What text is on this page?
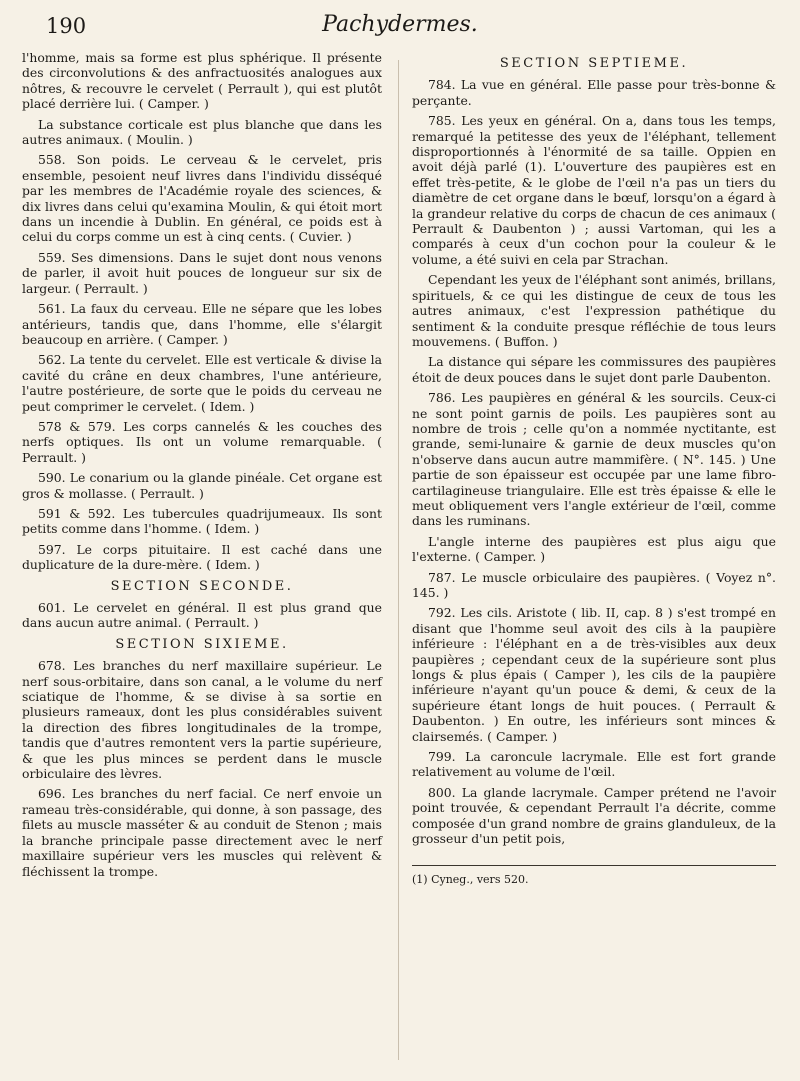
190	Pachydermes.

l'homme, mais sa forme est plus sphérique. Il présente des circonvolutions & des anfractuosités analogues aux nôtres, & recouvre le cervelet ( Perrault ), qui est plutôt placé derrière lui. ( Camper. )

La substance corticale est plus blanche que dans les autres animaux. ( Moulin. )

558. Son poids. Le cerveau & le cervelet, pris ensemble, pesoient neuf livres dans l'individu disséqué par les membres de l'Académie royale des sciences, & dix livres dans celui qu'examina Moulin, & qui étoit mort dans un incendie à Dublin. En général, ce poids est à celui du corps comme un est à cinq cents. ( Cuvier. )

559. Ses dimensions. Dans le sujet dont nous venons de parler, il avoit huit pouces de longueur sur six de largeur. ( Perrault. )

561. La faux du cerveau. Elle ne sépare que les lobes antérieurs, tandis que, dans l'homme, elle s'élargit beaucoup en arrière. ( Camper. )

562. La tente du cervelet. Elle est verticale & divise la cavité du crâne en deux chambres, l'une antérieure, l'autre postérieure, de sorte que le poids du cerveau ne peut comprimer le cervelet. ( Idem. )

578 & 579. Les corps cannelés & les couches des nerfs optiques. Ils ont un volume remarquable. ( Perrault. )

590. Le conarium ou la glande pinéale. Cet organe est gros & mollasse. ( Perrault. )

591 & 592. Les tubercules quadrijumeaux. Ils sont petits comme dans l'homme. ( Idem. )

597. Le corps pituitaire. Il est caché dans une duplicature de la dure-mère. ( Idem. )

SECTION SECONDE.

601. Le cervelet en général. Il est plus grand que dans aucun autre animal. ( Perrault. )

SECTION SIXIEME.

678. Les branches du nerf maxillaire supérieur. Le nerf sous-orbitaire, dans son canal, a le volume du nerf sciatique de l'homme, & se divise à sa sortie en plusieurs rameaux, dont les plus considérables suivent la direction des fibres longitudinales de la trompe, tandis que d'autres remontent vers la partie supérieure, & que les plus minces se perdent dans le muscle orbiculaire des lèvres.

696. Les branches du nerf facial. Ce nerf envoie un rameau très-considérable, qui donne, à son passage, des filets au muscle masséter & au conduit de Stenon ; mais la branche principale passe directement avec le nerf maxillaire supérieur vers les muscles qui relèvent & fléchissent la trompe.

SECTION SEPTIEME.

784. La vue en général. Elle passe pour très-bonne & perçante.

785. Les yeux en général. On a, dans tous les temps, remarqué la petitesse des yeux de l'éléphant, tellement disproportionnés à l'énormité de sa taille. Oppien en avoit déjà parlé (1). L'ouverture des paupières est en effet très-petite, & le globe de l'œil n'a pas un tiers du diamètre de cet organe dans le bœuf, lorsqu'on a égard à la grandeur relative du corps de chacun de ces animaux ( Perrault & Daubenton ) ; aussi Vartoman, qui les a comparés à ceux d'un cochon pour la couleur & le volume, a été suivi en cela par Strachan.

Cependant les yeux de l'éléphant sont animés, brillans, spirituels, & ce qui les distingue de ceux de tous les autres animaux, c'est l'expression pathétique du sentiment & la conduite presque réfléchie de tous leurs mouvemens. ( Buffon. )

La distance qui sépare les commissures des paupières étoit de deux pouces dans le sujet dont parle Daubenton.

786. Les paupières en général & les sourcils. Ceux-ci ne sont point garnis de poils. Les paupières sont au nombre de trois ; celle qu'on a nommée nyctitante, est grande, semi-lunaire & garnie de deux muscles qu'on n'observe dans aucun autre mammifère. ( N°. 145. ) Une partie de son épaisseur est occupée par une lame fibro-cartilagineuse triangulaire. Elle est très épaisse & elle le meut obliquement vers l'angle extérieur de l'œil, comme dans les ruminans.

L'angle interne des paupières est plus aigu que l'externe. ( Camper. )

787. Le muscle orbiculaire des paupières. ( Voyez n°. 145. )

792. Les cils. Aristote ( lib. II, cap. 8 ) s'est trompé en disant que l'homme seul avoit des cils à la paupière inférieure : l'éléphant en a de très-visibles aux deux paupières ; cependant ceux de la supérieure sont plus longs & plus épais ( Camper ), les cils de la paupière inférieure n'ayant qu'un pouce & demi, & ceux de la supérieure étant longs de huit pouces. ( Perrault & Daubenton. ) En outre, les inférieurs sont minces & clairsemés. ( Camper. )

799. La caroncule lacrymale. Elle est fort grande relativement au volume de l'œil.

800. La glande lacrymale. Camper prétend ne l'avoir point trouvée, & cependant Perrault l'a décrite, comme composée d'un grand nombre de grains glanduleux, de la grosseur d'un petit pois,

(1) Cyneg., vers 520.
